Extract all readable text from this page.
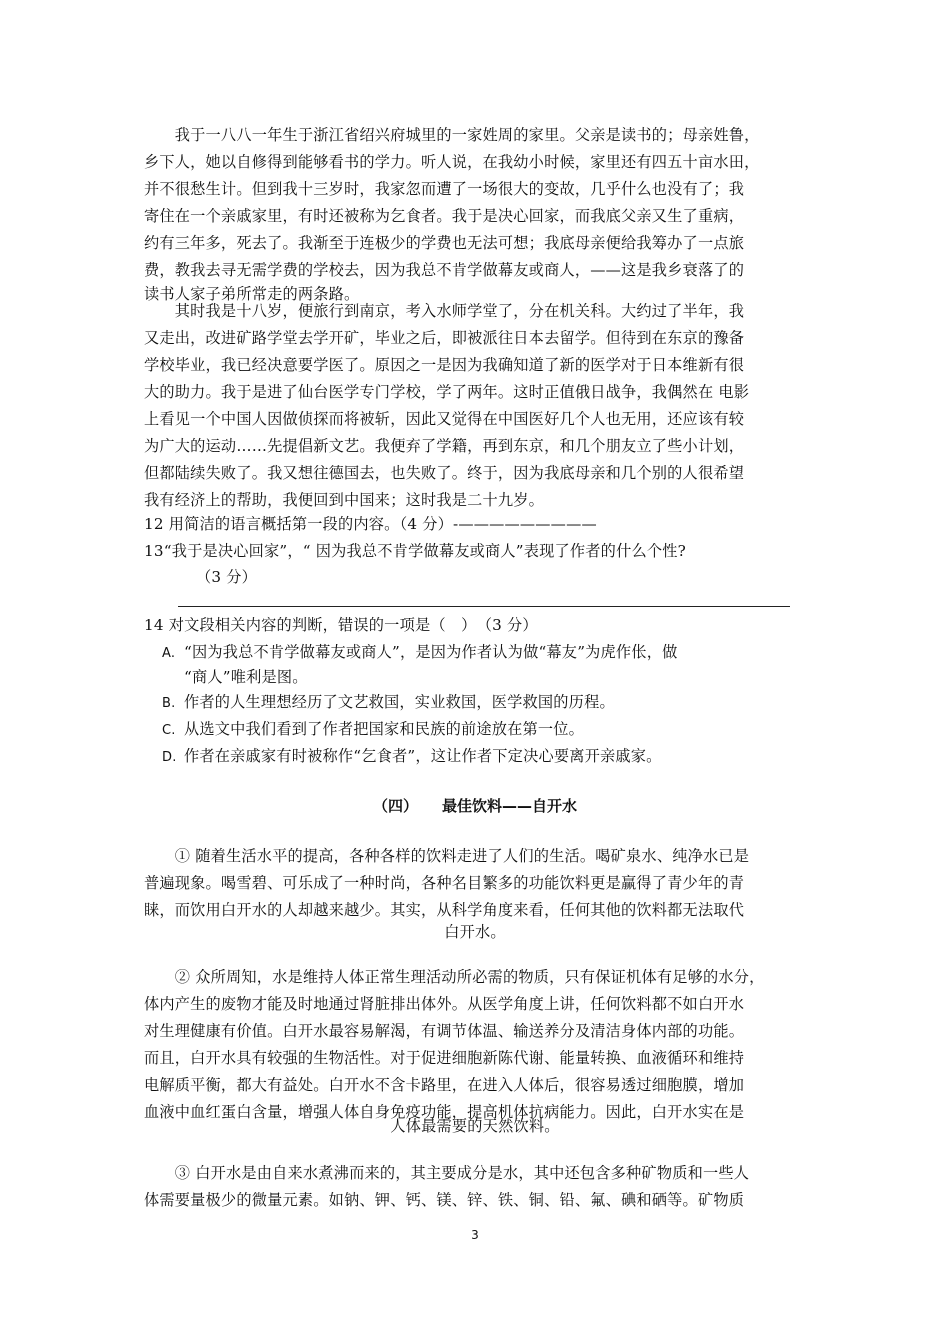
　　我于一八八一年生于浙江省绍兴府城里的一家姓周的家里。父亲是读书的；母亲姓鲁，
乡下人，她以自修得到能够看书的学力。听人说，在我幼小时候，家里还有四五十亩水田，
并不很愁生计。但到我十三岁时，我家忽而遭了一场很大的变故，几乎什么也没有了；我
寄住在一个亲戚家里，有时还被称为乞食者。我于是决心回家，而我底父亲又生了重病，
约有三年多，死去了。我渐至于连极少的学费也无法可想；我底母亲便给我筹办了一点旅
费，教我去寻无需学费的学校去，因为我总不肯学做幕友或商人，——这是我乡衰落了的
读书人家子弟所常走的两条路。
　　其时我是十八岁，便旅行到南京，考入水师学堂了，分在机关科。大约过了半年，我
又走出，改进矿路学堂去学开矿，毕业之后，即被派往日本去留学。但待到在东京的豫备
学校毕业，我已经决意要学医了。原因之一是因为我确知道了新的医学对于日本维新有很
大的助力。我于是进了仙台医学专门学校，学了两年。这时正值俄日战争，我偶然在 电影
上看见一个中国人因做侦探而将被斩，因此又觉得在中国医好几个人也无用，还应该有较
为广大的运动……先提倡新文艺。我便弃了学籍，再到东京，和几个朋友立了些小计划，
但都陆续失败了。我又想往德国去，也失败了。终于，因为我底母亲和几个别的人很希望
我有经济上的帮助，我便回到中国来；这时我是二十九岁。
12 用简洁的语言概括第一段的内容。（4 分）-—————————
13“我于是决心回家”，“ 因为我总不肯学做幕友或商人”表现了作者的什么个性?
（3 分）
14 对文段相关内容的判断，错误的一项是（　）　（3 分）
A. “因为我总不肯学做幕友或商人”，是因为作者认为做“幕友”为虎作伥，做
“商人”唯利是图。
B. 作者的人生理想经历了文艺救国，实业救国，医学救国的历程。
C. 从选文中我们看到了作者把国家和民族的前途放在第一位。
D. 作者在亲戚家有时被称作“乞食者”，这让作者下定决心要离开亲戚家。
（四） 最佳饮料——自开水
　　① 随着生活水平的提高，各种各样的饮料走进了人们的生活。喝矿泉水、纯净水已是
普遍现象。喝雪碧、可乐成了一种时尚，各种名目繁多的功能饮料更是赢得了青少年的青
睐，而饮用白开水的人却越来越少。其实，从科学角度来看，任何其他的饮料都无法取代
白开水。
　　② 众所周知，水是维持人体正常生理活动所必需的物质，只有保证机体有足够的水分，
体内产生的废物才能及时地通过肾脏排出体外。从医学角度上讲，任何饮料都不如白开水
对生理健康有价值。白开水最容易解渴，有调节体温、输送养分及清洁身体内部的功能。
而且，白开水具有较强的生物活性。对于促进细胞新陈代谢、能量转换、血液循环和维持
电解质平衡，都大有益处。白开水不含卡路里，在进入人体后，很容易透过细胞膜，增加
血液中血红蛋白含量，增强人体自身免疫功能，提高机体抗病能力。因此，白开水实在是
人体最需要的天然饮料。
　　③ 白开水是由自来水煮沸而来的，其主要成分是水，其中还包含多种矿物质和一些人
体需要量极少的微量元素。如钠、钾、钙、镁、锌、铁、铜、铅、氟、碘和硒等。矿物质
3
